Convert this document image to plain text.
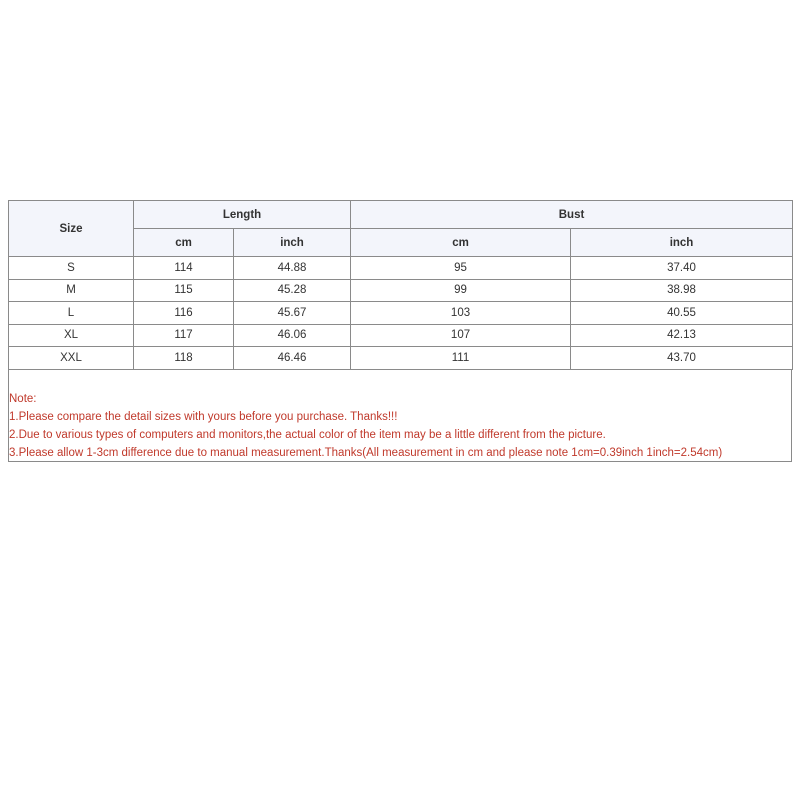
Size	Length		Bust	
	cm	inch	cm	inch
S	114	44.88	95	37.40
M	115	45.28	99	38.98
L	116	45.67	103	40.55
XL	117	46.06	107	42.13
XXL	118	46.46	111	43.70
Note:
1.Please compare the detail sizes with yours before you purchase. Thanks!!!
2.Due to various types of computers and monitors,the actual color of the item may be a little different from the picture.
3.Please allow 1-3cm difference due to manual measurement.Thanks(All measurement in cm and please note 1cm=0.39inch 1inch=2.54cm)
